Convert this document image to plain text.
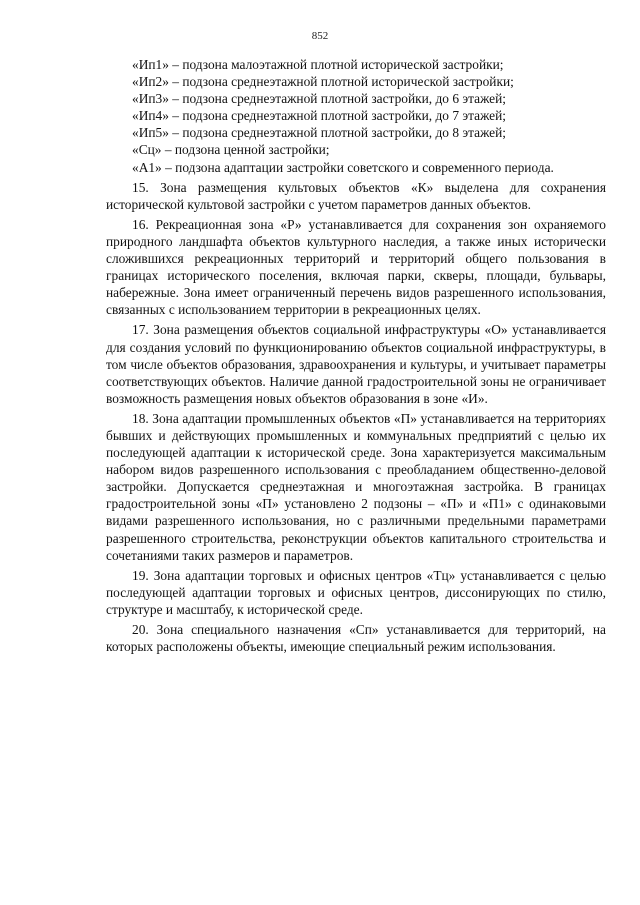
852
«Ип1» – подзона малоэтажной плотной исторической застройки;
«Ип2» – подзона среднеэтажной плотной исторической застройки;
«Ип3» – подзона среднеэтажной плотной застройки, до 6 этажей;
«Ип4» – подзона среднеэтажной плотной застройки, до 7 этажей;
«Ип5» – подзона среднеэтажной плотной застройки, до 8 этажей;
«Сц» – подзона ценной застройки;
«А1» – подзона адаптации застройки советского и современного периода.

15. Зона размещения культовых объектов «К» выделена для сохранения исторической культовой застройки с учетом параметров данных объектов.

16. Рекреационная зона «Р» устанавливается для сохранения зон охраняемого природного ландшафта объектов культурного наследия, а также иных исторически сложившихся рекреационных территорий и территорий общего пользования в границах исторического поселения, включая парки, скверы, площади, бульвары, набережные. Зона имеет ограниченный перечень видов разрешенного использования, связанных с использованием территории в рекреационных целях.

17. Зона размещения объектов социальной инфраструктуры «О» устанавливается для создания условий по функционированию объектов социальной инфраструктуры, в том числе объектов образования, здравоохранения и культуры, и учитывает параметры соответствующих объектов. Наличие данной градостроительной зоны не ограничивает возможность размещения новых объектов образования в зоне «И».

18. Зона адаптации промышленных объектов «П» устанавливается на территориях бывших и действующих промышленных и коммунальных предприятий с целью их последующей адаптации к исторической среде. Зона характеризуется максимальным набором видов разрешенного использования с преобладанием общественно-деловой застройки. Допускается среднеэтажная и многоэтажная застройка. В границах градостроительной зоны «П» установлено 2 подзоны – «П» и «П1» с одинаковыми видами разрешенного использования, но с различными предельными параметрами разрешенного строительства, реконструкции объектов капитального строительства и сочетаниями таких размеров и параметров.

19. Зона адаптации торговых и офисных центров «Тц» устанавливается с целью последующей адаптации торговых и офисных центров, диссонирующих по стилю, структуре и масштабу, к исторической среде.

20. Зона специального назначения «Сп» устанавливается для территорий, на которых расположены объекты, имеющие специальный режим использования.
